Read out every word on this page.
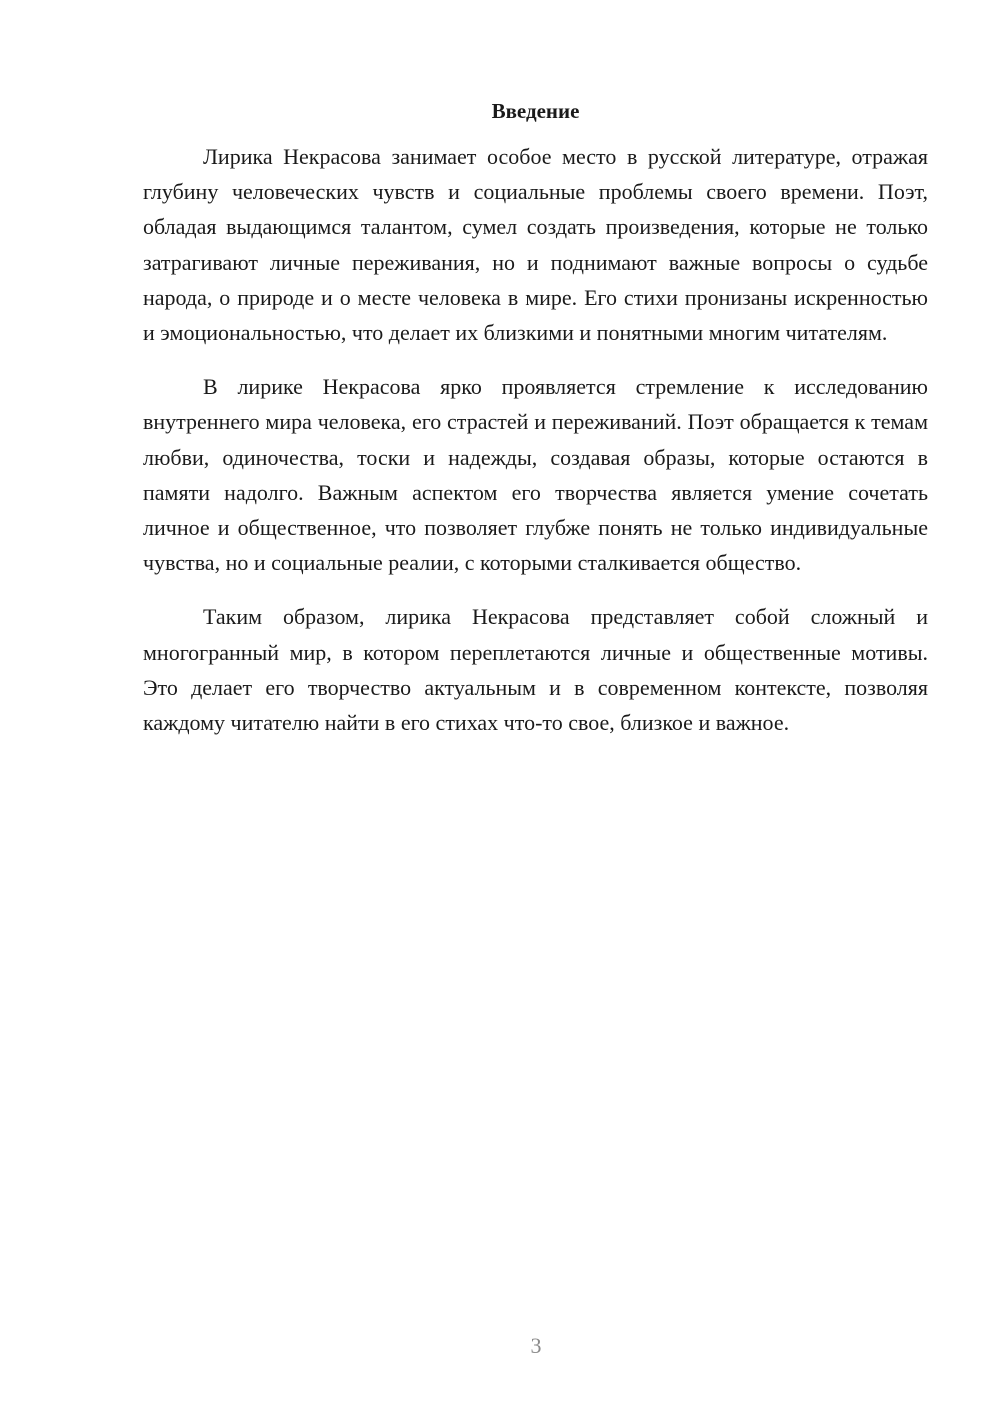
Введение

Лирика Некрасова занимает особое место в русской литературе, отражая глубину человеческих чувств и социальные проблемы своего времени. Поэт, обладая выдающимся талантом, сумел создать произведения, которые не только затрагивают личные переживания, но и поднимают важные вопросы о судьбе народа, о природе и о месте человека в мире. Его стихи пронизаны искренностью и эмоциональностью, что делает их близкими и понятными многим читателям.

В лирике Некрасова ярко проявляется стремление к исследованию внутреннего мира человека, его страстей и переживаний. Поэт обращается к темам любви, одиночества, тоски и надежды, создавая образы, которые остаются в памяти надолго. Важным аспектом его творчества является умение сочетать личное и общественное, что позволяет глубже понять не только индивидуальные чувства, но и социальные реалии, с которыми сталкивается общество.

Таким образом, лирика Некрасова представляет собой сложный и многогранный мир, в котором переплетаются личные и общественные мотивы. Это делает его творчество актуальным и в современном контексте, позволяя каждому читателю найти в его стихах что-то свое, близкое и важное.

3
